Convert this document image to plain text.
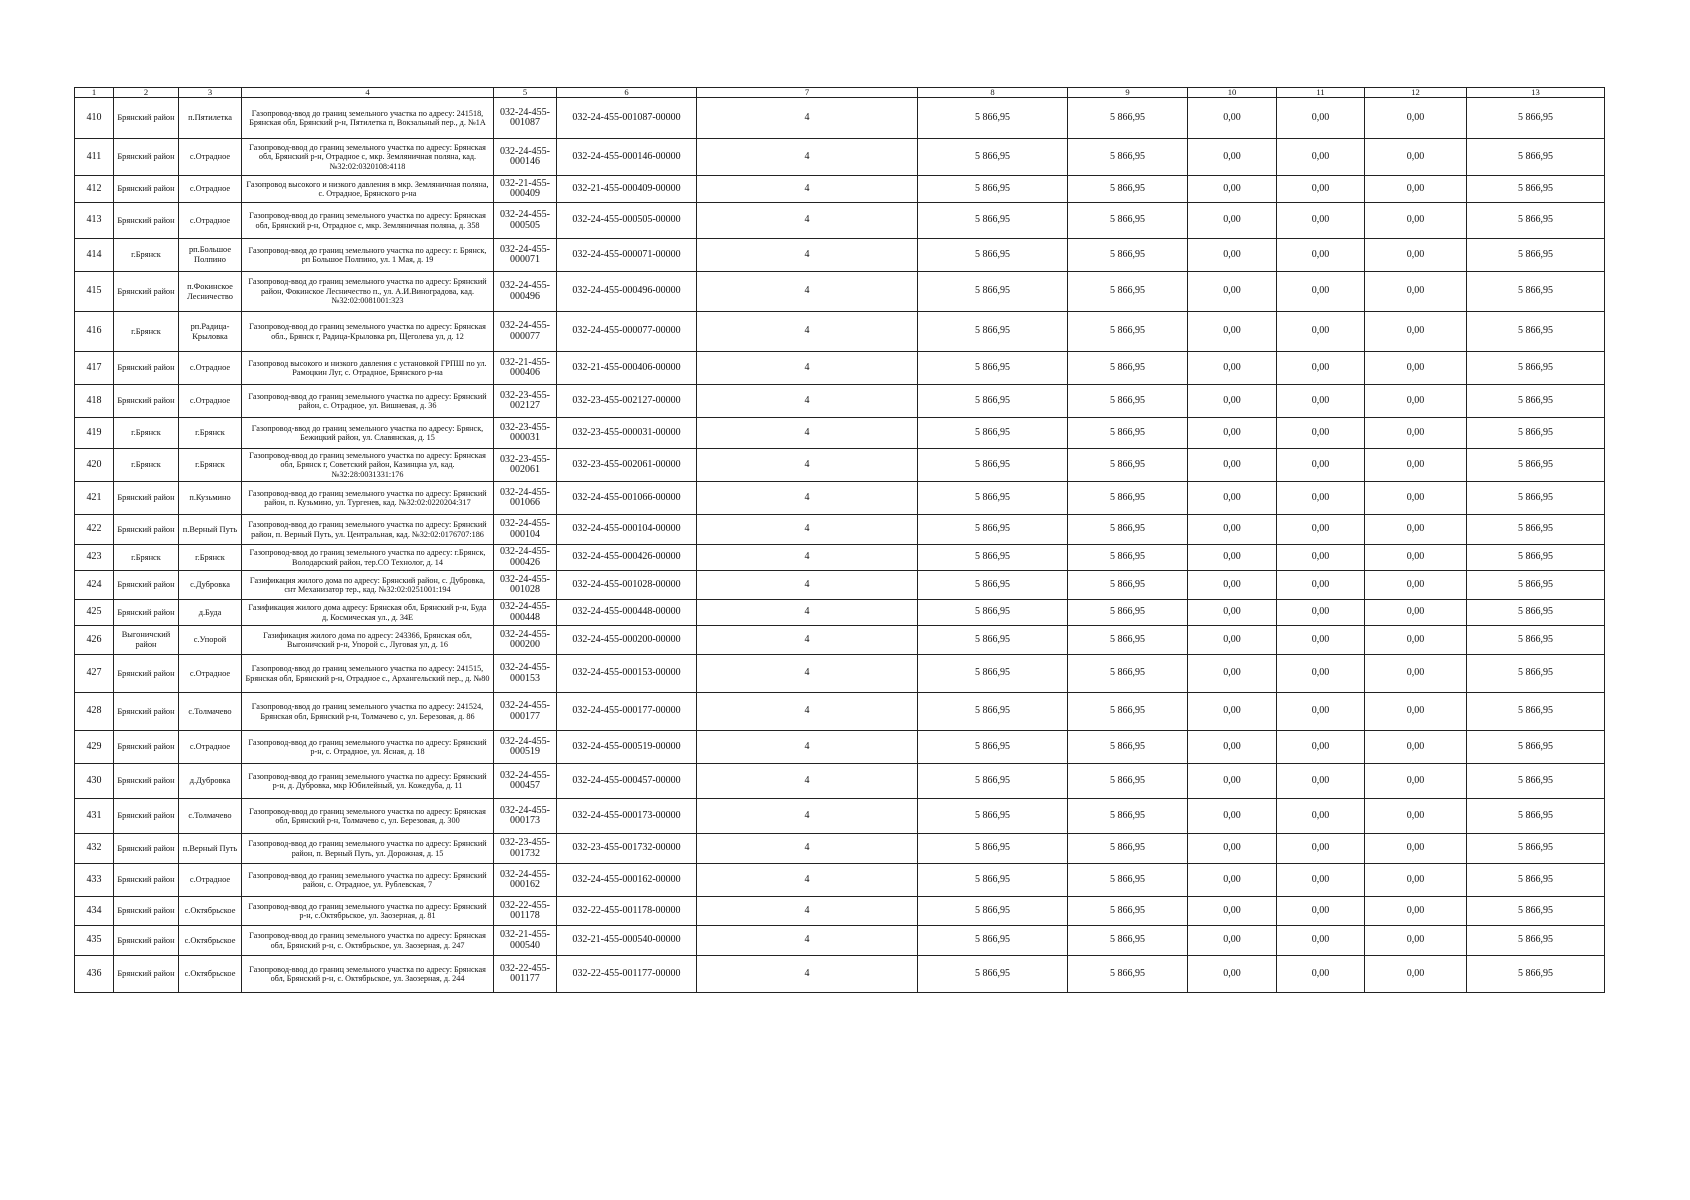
1	2	3	4	5	6	7	8	9	10	11	12	13
410	Брянский район	п.Пятилетка	Газопровод-ввод до границ земельного участка по адресу: 241518, Брянская обл, Брянский р-н, Пятилетка п, Вокзальный пер., д. №1А	032-24-455-001087	032-24-455-001087-00000	4	5 866,95	5 866,95	0,00	0,00	0,00	5 866,95
411	Брянский район	с.Отрадное	Газопровод-ввод до границ земельного участка по адресу: Брянская обл, Брянский р-н, Отрадное с, мкр. Земляничная поляна, кад. №32:02:0320108:4118	032-24-455-000146	032-24-455-000146-00000	4	5 866,95	5 866,95	0,00	0,00	0,00	5 866,95
412	Брянский район	с.Отрадное	Газопровод высокого и низкого давления в мкр. Земляничная поляна, с. Отрадное, Брянского р-на	032-21-455-000409	032-21-455-000409-00000	4	5 866,95	5 866,95	0,00	0,00	0,00	5 866,95
413	Брянский район	с.Отрадное	Газопровод-ввод до границ земельного участка по адресу: Брянская обл, Брянский р-н, Отрадное с, мкр. Земляничная поляна, д. 358	032-24-455-000505	032-24-455-000505-00000	4	5 866,95	5 866,95	0,00	0,00	0,00	5 866,95
414	г.Брянск	рп.Большое Полпино	Газопровод-ввод до границ земельного участка по адресу: г. Брянск, рп Большое Полпино, ул. 1 Мая, д. 19	032-24-455-000071	032-24-455-000071-00000	4	5 866,95	5 866,95	0,00	0,00	0,00	5 866,95
415	Брянский район	п.Фокинское Лесничество	Газопровод-ввод до границ земельного участка по адресу: Брянский район, Фокинское Лесничество п., ул. А.И.Виноградова, кад. №32:02:0081001:323	032-24-455-000496	032-24-455-000496-00000	4	5 866,95	5 866,95	0,00	0,00	0,00	5 866,95
416	г.Брянск	рп.Радица-Крыловка	Газопровод-ввод до границ земельного участка по адресу: Брянская обл., Брянск г, Радица-Крыловка рп, Щеголева ул, д. 12	032-24-455-000077	032-24-455-000077-00000	4	5 866,95	5 866,95	0,00	0,00	0,00	5 866,95
417	Брянский район	с.Отрадное	Газопровод высокого и низкого давления с установкой ГРПШ по ул. Рамоцкин Луг, с. Отрадное, Брянского р-на	032-21-455-000406	032-21-455-000406-00000	4	5 866,95	5 866,95	0,00	0,00	0,00	5 866,95
418	Брянский район	с.Отрадное	Газопровод-ввод до границ земельного участка по адресу: Брянский район, с. Отрадное, ул. Вишневая, д. 36	032-23-455-002127	032-23-455-002127-00000	4	5 866,95	5 866,95	0,00	0,00	0,00	5 866,95
419	г.Брянск	г.Брянск	Газопровод-ввод до границ земельного участка по адресу: Брянск, Бежицкий район, ул. Славянская, д. 15	032-23-455-000031	032-23-455-000031-00000	4	5 866,95	5 866,95	0,00	0,00	0,00	5 866,95
420	г.Брянск	г.Брянск	Газопровод-ввод до границ земельного участка по адресу: Брянская обл, Брянск г, Советский район, Казинцна ул, кад. №32:28:0031331:176	032-23-455-002061	032-23-455-002061-00000	4	5 866,95	5 866,95	0,00	0,00	0,00	5 866,95
421	Брянский район	п.Кузьмино	Газопровод-ввод до границ земельного участка по адресу: Брянский район, п. Кузьмино, ул. Тургенев, кад. №32:02:0220204:317	032-24-455-001066	032-24-455-001066-00000	4	5 866,95	5 866,95	0,00	0,00	0,00	5 866,95
422	Брянский район	п.Верный Путь	Газопровод-ввод до границ земельного участка по адресу: Брянский район, п. Верный Путь, ул. Центральная, кад. №32:02:0176707:186	032-24-455-000104	032-24-455-000104-00000	4	5 866,95	5 866,95	0,00	0,00	0,00	5 866,95
423	г.Брянск	г.Брянск	Газопровод-ввод до границ земельного участка по адресу: г.Брянск, Володарский район, тер.СО Технолог, д. 14	032-24-455-000426	032-24-455-000426-00000	4	5 866,95	5 866,95	0,00	0,00	0,00	5 866,95
424	Брянский район	с.Дубровка	Газификация жилого дома по адресу: Брянский район, с. Дубровка, снт Механизатор тер., кад. №32:02:0251001:194	032-24-455-001028	032-24-455-001028-00000	4	5 866,95	5 866,95	0,00	0,00	0,00	5 866,95
425	Брянский район	д.Буда	Газификация жилого дома адресу: Брянская обл, Брянский р-н, Буда д, Космическая ул., д. 34Е	032-24-455-000448	032-24-455-000448-00000	4	5 866,95	5 866,95	0,00	0,00	0,00	5 866,95
426	Выгоничский район	с.Упорой	Газификация жилого дома по адресу: 243366, Брянская обл, Выгоничский р-н, Упорой с., Луговая ул, д. 16	032-24-455-000200	032-24-455-000200-00000	4	5 866,95	5 866,95	0,00	0,00	0,00	5 866,95
427	Брянский район	с.Отрадное	Газопровод-ввод до границ земельного участка по адресу: 241515, Брянская обл, Брянский р-н, Отрадное с., Архангельский пер., д. №80	032-24-455-000153	032-24-455-000153-00000	4	5 866,95	5 866,95	0,00	0,00	0,00	5 866,95
428	Брянский район	с.Толмачево	Газопровод-ввод до границ земельного участка по адресу: 241524, Брянская обл, Брянский р-н, Толмачево с, ул. Березовая, д. 86	032-24-455-000177	032-24-455-000177-00000	4	5 866,95	5 866,95	0,00	0,00	0,00	5 866,95
429	Брянский район	с.Отрадное	Газопровод-ввод до границ земельного участка по адресу: Брянский р-н, с. Отрадное, ул. Ясная, д. 18	032-24-455-000519	032-24-455-000519-00000	4	5 866,95	5 866,95	0,00	0,00	0,00	5 866,95
430	Брянский район	д.Дубровка	Газопровод-ввод до границ земельного участка по адресу: Брянский р-н, д. Дубровка, мкр Юбилейный, ул. Кожедуба, д. 11	032-24-455-000457	032-24-455-000457-00000	4	5 866,95	5 866,95	0,00	0,00	0,00	5 866,95
431	Брянский район	с.Толмачево	Газопровод-ввод до границ земельного участка по адресу: Брянская обл, Брянский р-н, Толмачево с, ул. Березовая, д. 300	032-24-455-000173	032-24-455-000173-00000	4	5 866,95	5 866,95	0,00	0,00	0,00	5 866,95
432	Брянский район	п.Верный Путь	Газопровод-ввод до границ земельного участка по адресу: Брянский район, п. Верный Путь, ул. Дорожная, д. 15	032-23-455-001732	032-23-455-001732-00000	4	5 866,95	5 866,95	0,00	0,00	0,00	5 866,95
433	Брянский район	с.Отрадное	Газопровод-ввод до границ земельного участка по адресу: Брянский район, с. Отрадное, ул. Рублевская, 7	032-24-455-000162	032-24-455-000162-00000	4	5 866,95	5 866,95	0,00	0,00	0,00	5 866,95
434	Брянский район	с.Октябрьское	Газопровод-ввод до границ земельного участка по адресу: Брянский р-н, с.Октябрьское, ул. Заозерная, д. 81	032-22-455-001178	032-22-455-001178-00000	4	5 866,95	5 866,95	0,00	0,00	0,00	5 866,95
435	Брянский район	с.Октябрьское	Газопровод-ввод до границ земельного участка по адресу: Брянская обл, Брянский р-н, с. Октябрьское, ул. Заозерная, д. 247	032-21-455-000540	032-21-455-000540-00000	4	5 866,95	5 866,95	0,00	0,00	0,00	5 866,95
436	Брянский район	с.Октябрьское	Газопровод-ввод до границ земельного участка по адресу: Брянская обл, Брянский р-н, с. Октябрьское, ул. Заозерная, д. 244	032-22-455-001177	032-22-455-001177-00000	4	5 866,95	5 866,95	0,00	0,00	0,00	5 866,95
